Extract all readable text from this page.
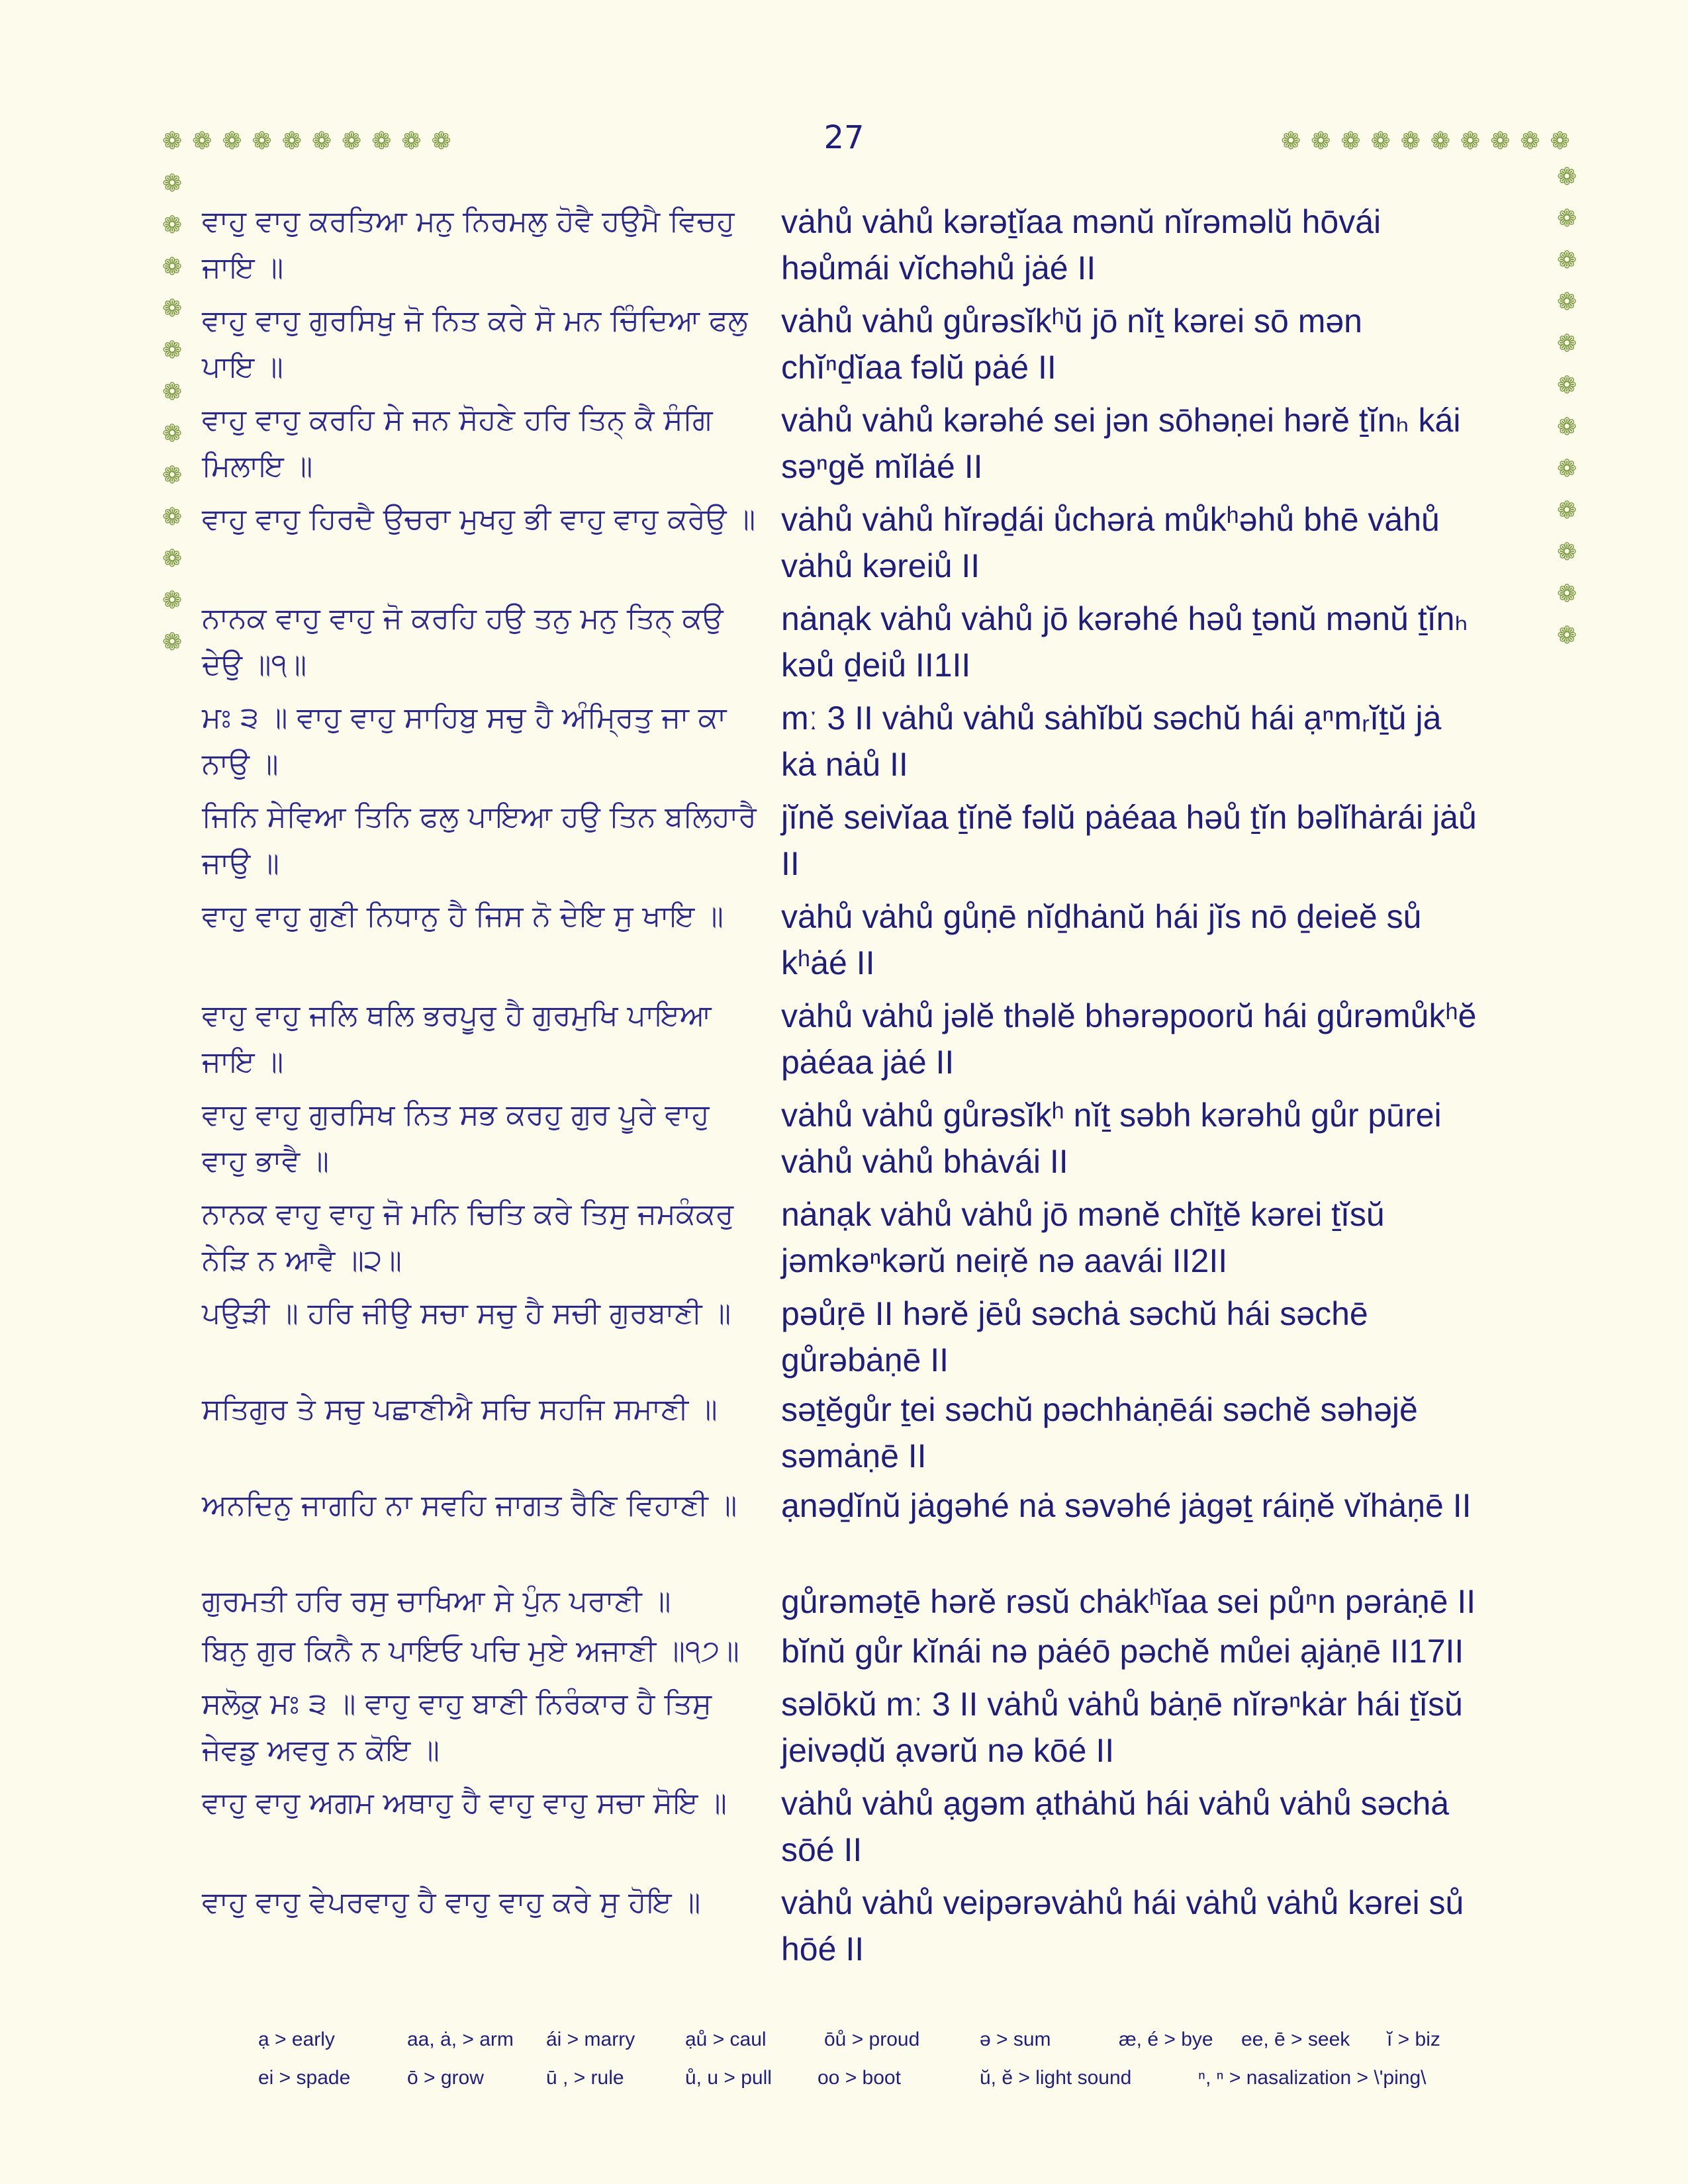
27
❁ ❁ ❁ ❁ ❁ ❁ ❁ ❁ ❁ ❁	❁ ❁ ❁ ❁ ❁ ❁ ❁ ❁ ❁ ❁
❁
❁
❁
❁
❁
❁
❁
❁
❁
❁
❁
❁
❁
❁
❁
❁
❁
❁
❁
❁
❁
❁
❁
❁
ਵਾਹੁ ਵਾਹੁ ਕਰਤਿਆ ਮਨੁ ਨਿਰਮਲੁ ਹੋਵੈ ਹਉਮੈ ਵਿਚਹੁ ਜਾਇ ॥
vȧhů vȧhů kərəṯĭaa mənŭ nĭrəməlŭ hōvái həůmái vĭchəhů jȧé II
ਵਾਹੁ ਵਾਹੁ ਗੁਰਸਿਖੁ ਜੋ ਨਿਤ ਕਰੇ ਸੋ ਮਨ ਚਿੰਦਿਆ ਫਲੁ ਪਾਇ ॥
vȧhů vȧhů gůrəsĭkʰŭ jō nĭṯ kərei sō mən chĭⁿḏĭaa fəlŭ pȧé II
ਵਾਹੁ ਵਾਹੁ ਕਰਹਿ ਸੇ ਜਨ ਸੋਹਣੇ ਹਰਿ ਤਿਨ੍ ਕੈ ਸੰਗਿ ਮਿਲਾਇ ॥
vȧhů vȧhů kərəhé sei jən sōhəṇei hərĕ ṯĭnₕ kái səⁿgĕ mĭlȧé II
ਵਾਹੁ ਵਾਹੁ ਹਿਰਦੈ ਉਚਰਾ ਮੁਖਹੁ ਭੀ ਵਾਹੁ ਵਾਹੁ ਕਰੇਉ ॥ vȧhů vȧhů hĭrəḏái ůchərȧ můkʰəhů bhē vȧhů vȧhů kəreiů II
ਨਾਨਕ ਵਾਹੁ ਵਾਹੁ ਜੋ ਕਰਹਿ ਹਉ ਤਨੁ ਮਨੁ ਤਿਨ੍ ਕਉ ਦੇਉ ॥੧॥
nȧnạk vȧhů vȧhů jō kərəhé həů ṯənŭ mənŭ ṯĭnₕ kəů ḏeiů II1II
ਮਃ ੩ ॥ ਵਾਹੁ ਵਾਹੁ ਸਾਹਿਬੁ ਸਚੁ ਹੈ ਅੰਮ੍ਰਿਤੁ ਜਾ ਕਾ ਨਾਉ ॥
mː 3 II vȧhů vȧhů sȧhĭbŭ səchŭ hái ạⁿmᵣĭṯŭ jȧ kȧ nȧů II
ਜਿਨਿ ਸੇਵਿਆ ਤਿਨਿ ਫਲੁ ਪਾਇਆ ਹਉ ਤਿਨ ਬਲਿਹਾਰੈ ਜਾਉ ॥
jĭnĕ seivĭaa ṯĭnĕ fəlŭ pȧéaa həů ṯĭn bəlĭhȧrái jȧů II
ਵਾਹੁ ਵਾਹੁ ਗੁਣੀ ਨਿਧਾਨੁ ਹੈ ਜਿਸ ਨੋ ਦੇਇ ਸੁ ਖਾਇ ॥	vȧhů vȧhů gůṇē nĭḏhȧnŭ hái jĭs nō ḏeieĕ sů kʰȧé II
ਵਾਹੁ ਵਾਹੁ ਜਲਿ ਥਲਿ ਭਰਪੂਰੁ ਹੈ ਗੁਰਮੁਖਿ ਪਾਇਆ ਜਾਇ ॥
vȧhů vȧhů jəlĕ thəlĕ bhərəpoorŭ hái gůrəmůkʰĕ pȧéaa jȧé II
ਵਾਹੁ ਵਾਹੁ ਗੁਰਸਿਖ ਨਿਤ ਸਭ ਕਰਹੁ ਗੁਰ ਪੂਰੇ ਵਾਹੁ ਵਾਹੁ ਭਾਵੈ ॥
vȧhů vȧhů gůrəsĭkʰ nĭṯ səbh kərəhů gůr pūrei vȧhů vȧhů bhȧvái II
ਨਾਨਕ ਵਾਹੁ ਵਾਹੁ ਜੋ ਮਨਿ ਚਿਤਿ ਕਰੇ ਤਿਸੁ ਜਮਕੰਕਰੁ ਨੇੜਿ ਨ ਆਵੈ ॥੨॥
nȧnạk vȧhů vȧhů jō mənĕ chĭṯĕ kərei ṯĭsŭ jəmkəⁿkərŭ neiṛĕ nə aavái II2II
ਪਉੜੀ ॥ ਹਰਿ ਜੀਉ ਸਚਾ ਸਚੁ ਹੈ ਸਚੀ ਗੁਰਬਾਣੀ ॥	pəůṛē II hərĕ jēů səchȧ səchŭ hái səchē gůrəbȧṇē II
ਸਤਿਗੁਰ ਤੇ ਸਚੁ ਪਛਾਣੀਐ ਸਚਿ ਸਹਜਿ ਸਮਾਣੀ ॥	səṯĕgůr ṯei səchŭ pəchhȧṇēái səchĕ səhəjĕ səmȧṇē II
ਅਨਦਿਨੁ ਜਾਗਹਿ ਨਾ ਸਵਹਿ ਜਾਗਤ ਰੈਣਿ ਵਿਹਾਣੀ ॥	ạnəḏĭnŭ jȧgəhé nȧ səvəhé jȧgəṯ ráiṇĕ vĭhȧṇē II
ਗੁਰਮਤੀ ਹਰਿ ਰਸੁ ਚਾਖਿਆ ਸੇ ਪੁੰਨ ਪਰਾਣੀ ॥	gůrəməṯē hərĕ rəsŭ chȧkʰĭaa sei půⁿn pərȧṇē II
ਬਿਨੁ ਗੁਰ ਕਿਨੈ ਨ ਪਾਇਓ ਪਚਿ ਮੁਏ ਅਜਾਣੀ ॥੧੭॥	bĭnŭ gůr kĭnái nə pȧéō pəchĕ můei ạjȧṇē II17II
ਸਲੋਕੁ ਮਃ ੩ ॥ ਵਾਹੁ ਵਾਹੁ ਬਾਣੀ ਨਿਰੰਕਾਰ ਹੈ ਤਿਸੁ ਜੇਵਡੁ ਅਵਰੁ ਨ ਕੋਇ ॥
səlōkŭ mː 3 II vȧhů vȧhů bȧṇē nĭrəⁿkȧr hái ṯĭsŭ jeivəḍŭ ạvərŭ nə kōé II
ਵਾਹੁ ਵਾਹੁ ਅਗਮ ਅਥਾਹੁ ਹੈ ਵਾਹੁ ਵਾਹੁ ਸਚਾ ਸੋਇ ॥	vȧhů vȧhů ạgəm ạthȧhŭ hái vȧhů vȧhů səchȧ sōé II
ਵਾਹੁ ਵਾਹੁ ਵੇਪਰਵਾਹੁ ਹੈ ਵਾਹੁ ਵਾਹੁ ਕਰੇ ਸੁ ਹੋਇ ॥	vȧhů vȧhů veipərəvȧhů hái vȧhů vȧhů kərei sů hōé II
ạ > early	aa, ȧ, > arm ái > marry	ạů > caul	ōů > proud	ə > sum	æ, é > bye ee, ē > seek ĭ > biz
ei > spade	ō > grow	ū , > rule	ů, u > pull oo > boot	ŭ, ĕ > light sound	ⁿ, ⁿ > nasalization > \'ping\
